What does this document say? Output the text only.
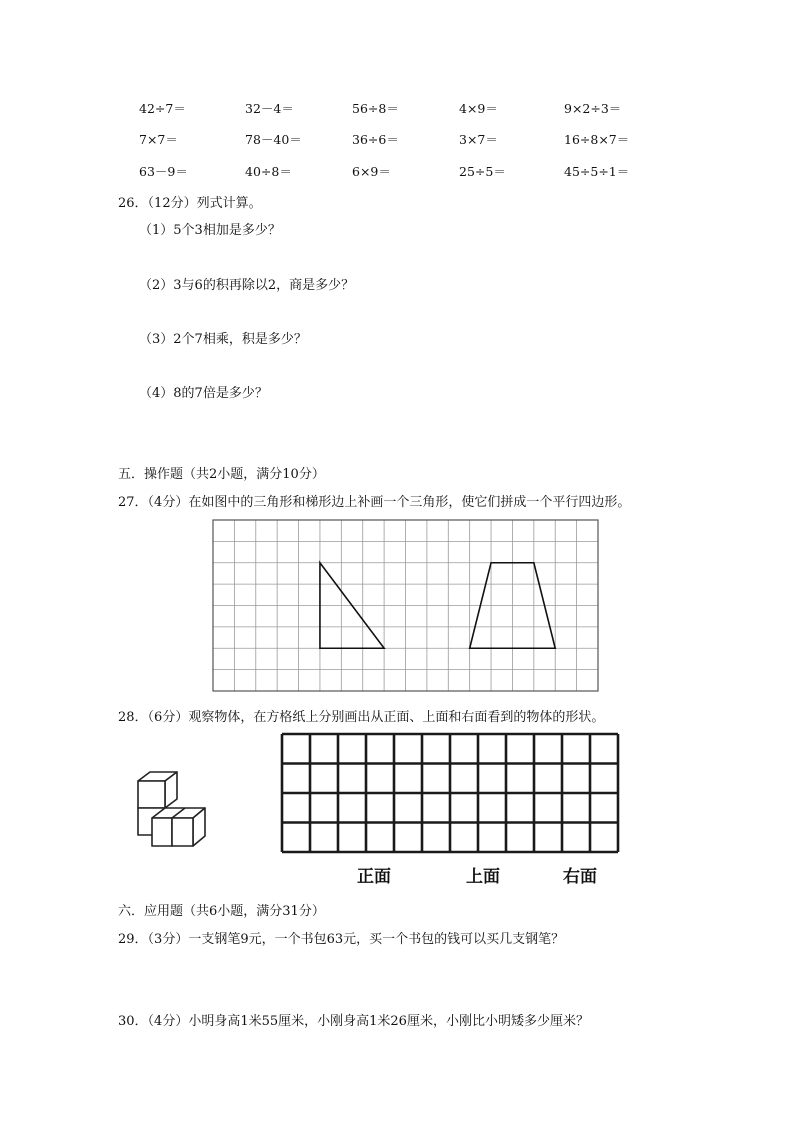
42÷7＝	32－4＝	56÷8＝	4×9＝	9×2÷3＝
7×7＝	78－40＝	36÷6＝	3×7＝	16÷8×7＝
63－9＝	40÷8＝	6×9＝	25÷5＝	45÷5÷1＝
26．（12分）列式计算。
（1）5个3相加是多少？
（2）3与6的积再除以2，商是多少？
（3）2个7相乘，积是多少？
（4）8的7倍是多少？
五．操作题（共2小题，满分10分）
27．（4分）在如图中的三角形和梯形边上补画一个三角形，使它们拼成一个平行四边形。
28．（6分）观察物体，在方格纸上分别画出从正面、上面和右面看到的物体的形状。
正面	上面	右面
六．应用题（共6小题，满分31分）
29．（3分）一支钢笔9元，一个书包63元，买一个书包的钱可以买几支钢笔？
30．（4分）小明身高1米55厘米，小刚身高1米26厘米，小刚比小明矮多少厘米？
